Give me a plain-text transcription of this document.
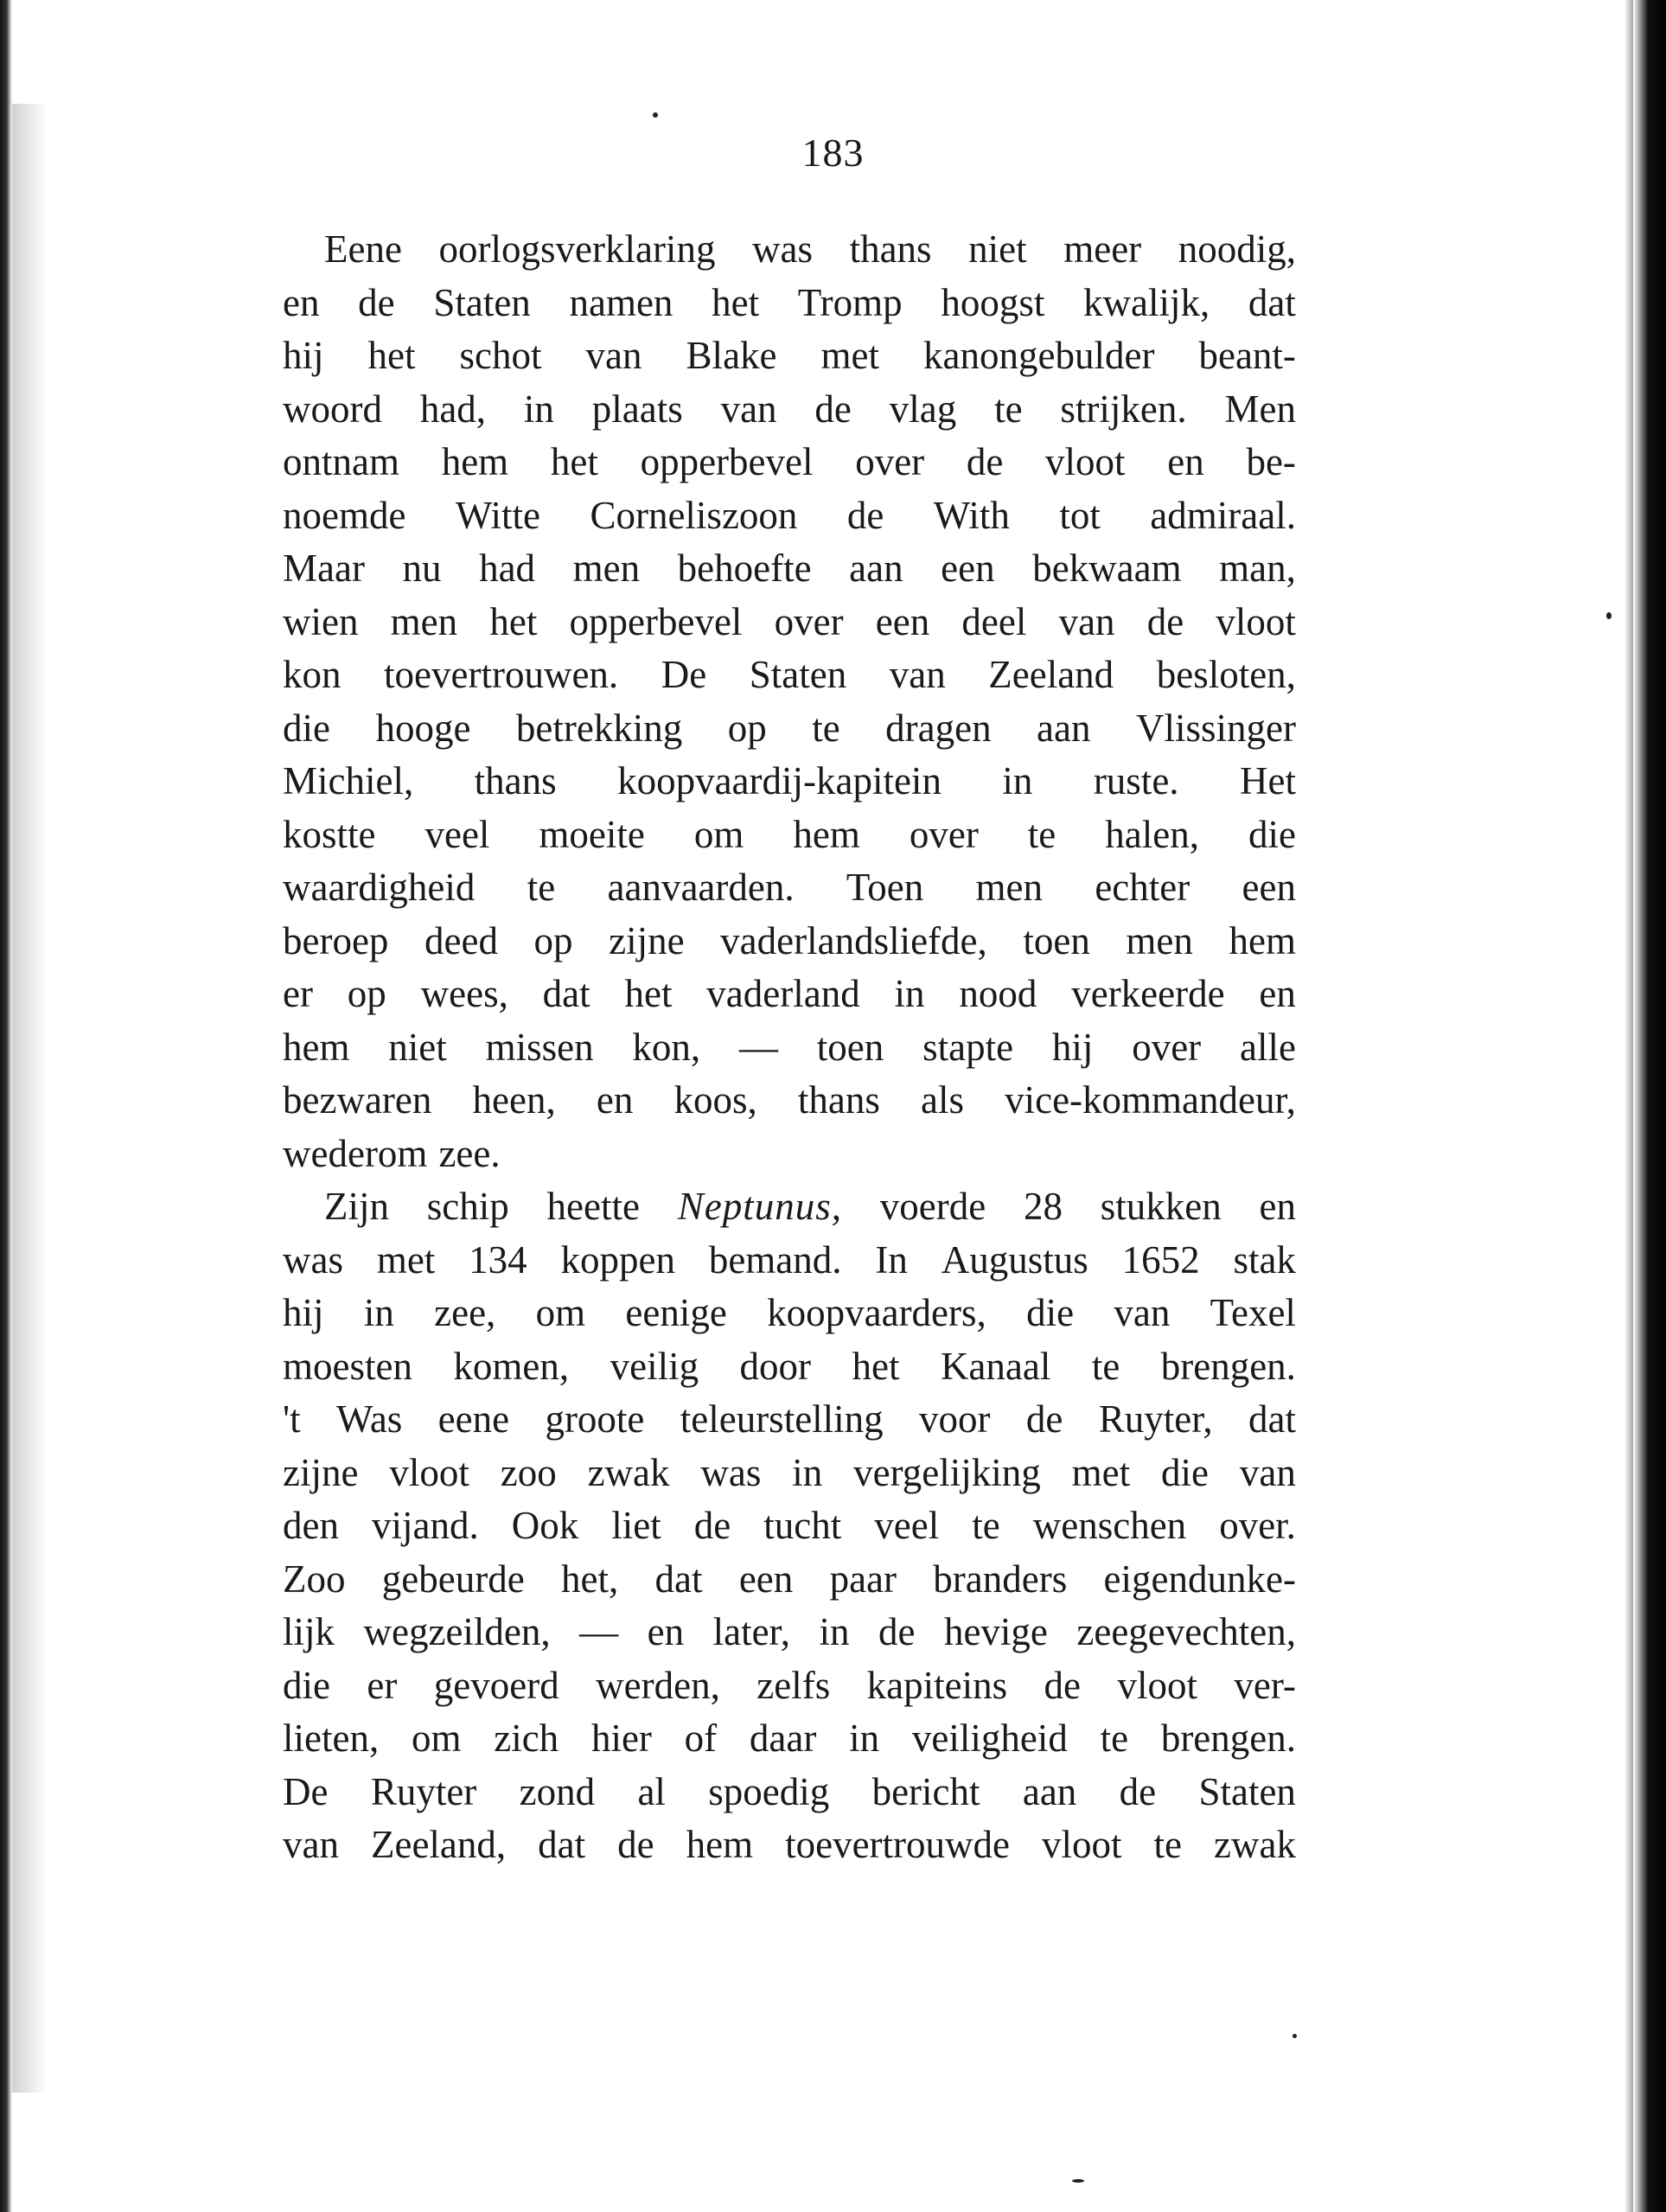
183
Eene oorlogsverklaring was thans niet meer noodig,
en de Staten namen het Tromp hoogst kwalijk, dat
hij het schot van Blake met kanongebulder beant-
woord had, in plaats van de vlag te strijken. Men
ontnam hem het opperbevel over de vloot en be-
noemde Witte Corneliszoon de With tot admiraal.
Maar nu had men behoefte aan een bekwaam man,
wien men het opperbevel over een deel van de vloot
kon toevertrouwen. De Staten van Zeeland besloten,
die hooge betrekking op te dragen aan Vlissinger
Michiel, thans koopvaardij-kapitein in ruste. Het
kostte veel moeite om hem over te halen, die
waardigheid te aanvaarden. Toen men echter een
beroep deed op zijne vaderlandsliefde, toen men hem
er op wees, dat het vaderland in nood verkeerde en
hem niet missen kon, — toen stapte hij over alle
bezwaren heen, en koos, thans als vice-kommandeur,
wederom zee.
Zijn schip heette Neptunus, voerde 28 stukken en
was met 134 koppen bemand. In Augustus 1652 stak
hij in zee, om eenige koopvaarders, die van Texel
moesten komen, veilig door het Kanaal te brengen.
't Was eene groote teleurstelling voor de Ruyter, dat
zijne vloot zoo zwak was in vergelijking met die van
den vijand. Ook liet de tucht veel te wenschen over.
Zoo gebeurde het, dat een paar branders eigendunke-
lijk wegzeilden, — en later, in de hevige zeegevechten,
die er gevoerd werden, zelfs kapiteins de vloot ver-
lieten, om zich hier of daar in veiligheid te brengen.
De Ruyter zond al spoedig bericht aan de Staten
van Zeeland, dat de hem toevertrouwde vloot te zwak
